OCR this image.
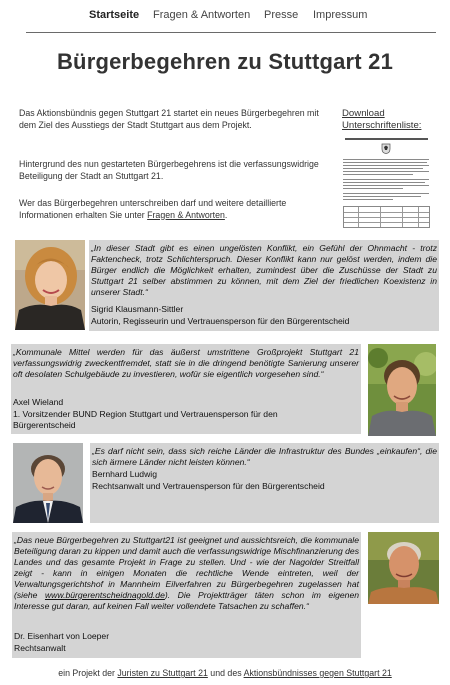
Startseite Fragen & Antworten Presse Impressum
Bürgerbegehren zu Stuttgart 21

Das Aktionsbündnis gegen Stuttgart 21 startet ein neues Bürgerbegehren mit dem Ziel des Ausstiegs der Stadt Stuttgart aus dem Projekt.

Hintergrund des nun gestarteten Bürgerbegehrens ist die verfassungswidrige Beteiligung der Stadt an Stuttgart 21.

Wer das Bürgerbegehren unterschreiben darf und weitere detaillierte Informationen erhalten Sie unter Fragen & Antworten.

Download Unterschriftenliste:

„In dieser Stadt gibt es einen ungelösten Konflikt, ein Gefühl der Ohnmacht - trotz Faktencheck, trotz Schlichterspruch. Dieser Konflikt kann nur gelöst werden, indem die Bürger endlich die Möglichkeit erhalten, zumindest über die Zuschüsse der Stadt zu Stuttgart 21 selber abstimmen zu können, mit dem Ziel der friedlichen Koexistenz in unserer Stadt.“

Sigrid Klausmann-Sittler

Autorin, Regisseurin und Vertrauensperson für den Bürgerentscheid

„Kommunale Mittel werden für das äußerst umstrittene Großprojekt Stuttgart 21 verfassungswidrig zweckentfremdet, statt sie in die dringend benötigte Sanierung unserer oft desolaten Schulgebäude zu investieren, wofür sie eigentlich vorgesehen sind.“

Axel Wieland

1. Vorsitzender BUND Region Stuttgart und Vertrauensperson für den Bürgerentscheid

„Es darf nicht sein, dass sich reiche Länder die Infrastruktur des Bundes „einkaufen“, die sich ärmere Länder nicht leisten können.“

Bernhard Ludwig

Rechtsanwalt und Vertrauensperson für den Bürgerentscheid

„Das neue Bürgerbegehren zu Stuttgart21 ist geeignet und aussichtsreich, die kommunale Beteiligung daran zu kippen und damit auch die verfassungswidrige Mischfinanzierung des Landes und das gesamte Projekt in Frage zu stellen. Und - wie der Nagolder Streitfall zeigt - kann in einigen Monaten die rechtliche Wende eintreten, weil der Verwaltungsgerichtshof in Mannheim Eilverfahren zu Bürgerbegehren zugelassen hat (siehe www.bürgerentscheidnagold.de). Die Projektträger täten schon im eigenen Interesse gut daran, auf keinen Fall weiter vollendete Tatsachen zu schaffen.“

Dr. Eisenhart von Loeper

Rechtsanwalt

ein Projekt der Juristen zu Stuttgart 21 und des Aktionsbündnisses gegen Stuttgart 21
